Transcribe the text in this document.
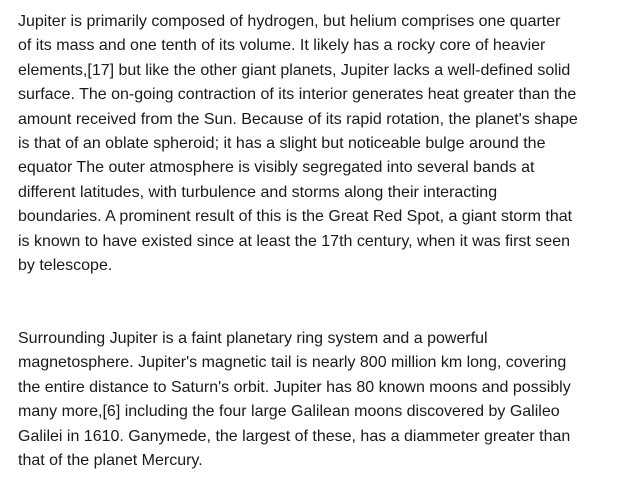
Jupiter is primarily composed of hydrogen, but helium comprises one quarter
of its mass and one tenth of its volume. It likely has a rocky core of heavier
elements,[17] but like the other giant planets, Jupiter lacks a well-defined solid
surface. The on-going contraction of its interior generates heat greater than the
amount received from the Sun. Because of its rapid rotation, the planet's shape
is that of an oblate spheroid; it has a slight but noticeable bulge around the
equator The outer atmosphere is visibly segregated into several bands at
different latitudes, with turbulence and storms along their interacting
boundaries. A prominent result of this is the Great Red Spot, a giant storm that
is known to have existed since at least the 17th century, when it was first seen
by telescope.

Surrounding Jupiter is a faint planetary ring system and a powerful
magnetosphere. Jupiter's magnetic tail is nearly 800 million km long, covering
the entire distance to Saturn's orbit. Jupiter has 80 known moons and possibly
many more,[6] including the four large Galilean moons discovered by Galileo
Galilei in 1610. Ganymede, the largest of these, has a diammeter greater than
that of the planet Mercury.
